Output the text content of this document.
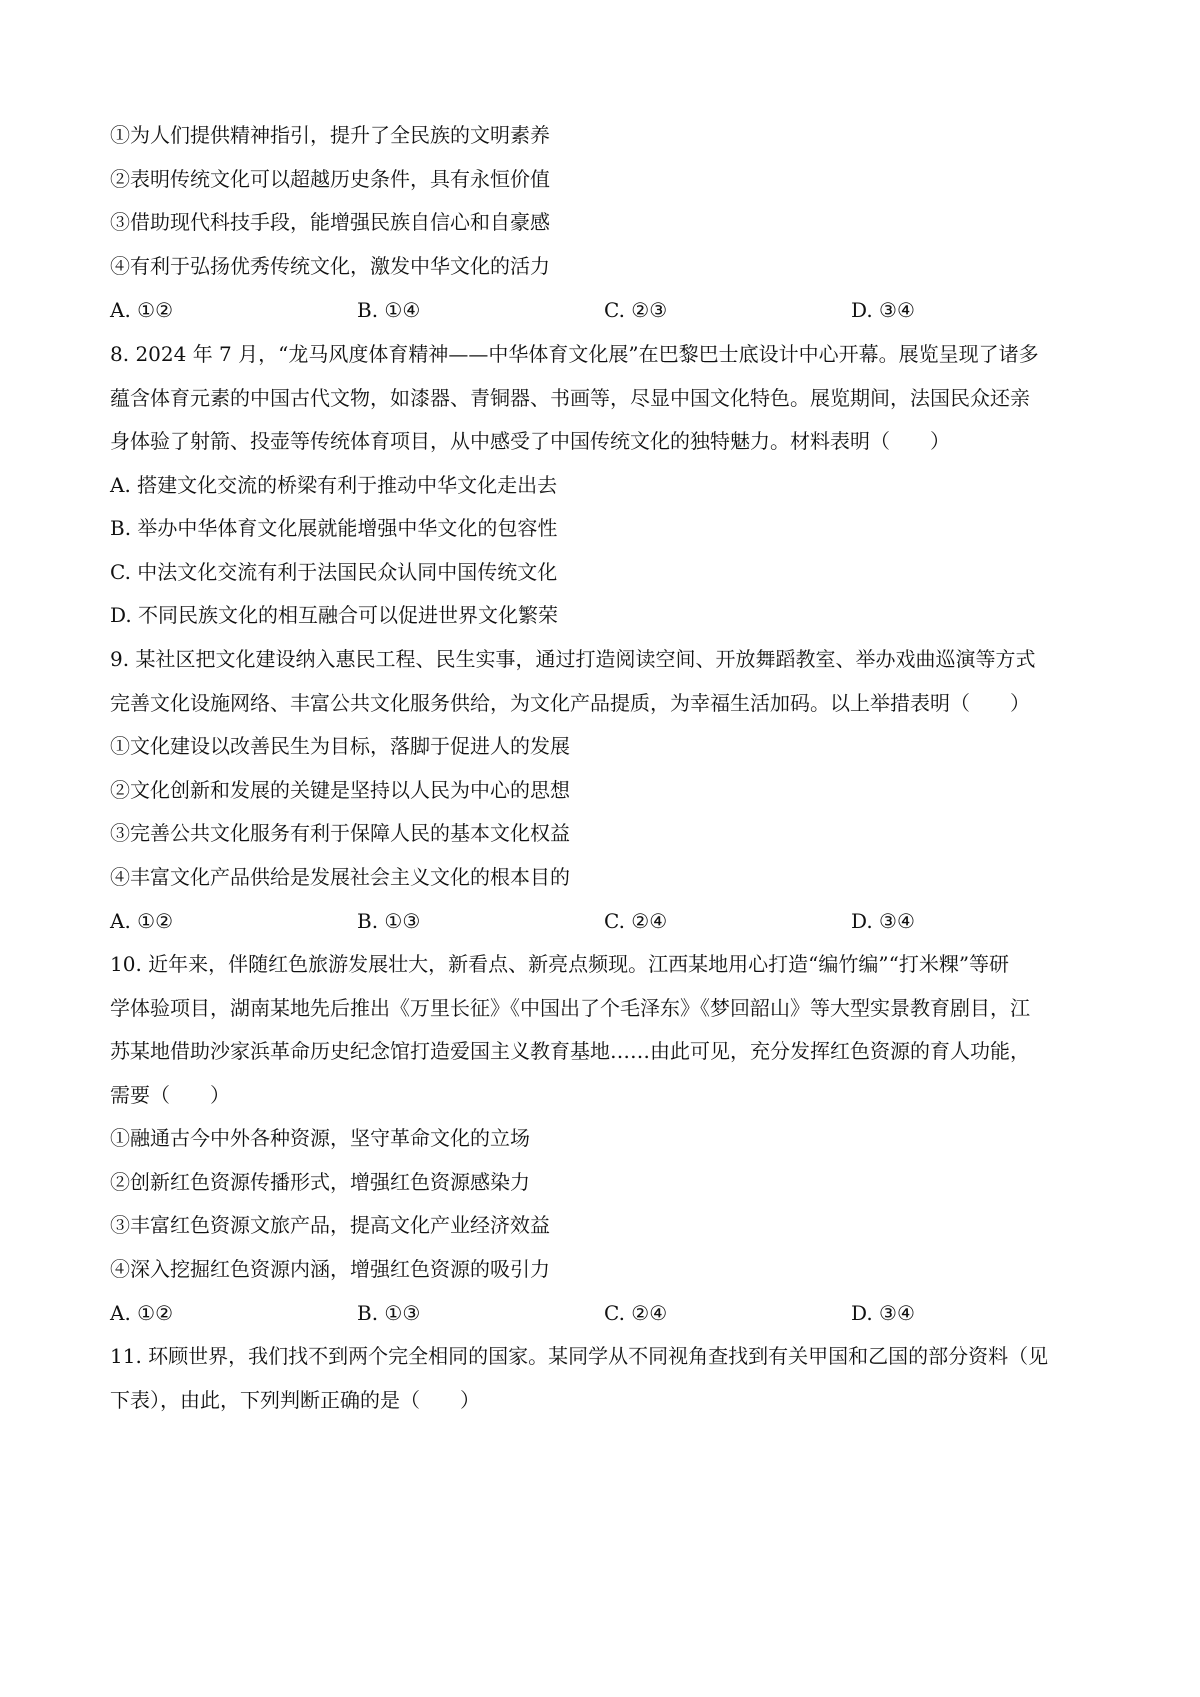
①为人们提供精神指引，提升了全民族的文明素养
②表明传统文化可以超越历史条件，具有永恒价值
③借助现代科技手段，能增强民族自信心和自豪感
④有利于弘扬优秀传统文化，激发中华文化的活力
A. ①②	B. ①④	C. ②③	D. ③④
8. 2024 年 7 月，“龙马风度体育精神——中华体育文化展”在巴黎巴士底设计中心开幕。展览呈现了诸多
蕴含体育元素的中国古代文物，如漆器、青铜器、书画等，尽显中国文化特色。展览期间，法国民众还亲
身体验了射箭、投壶等传统体育项目，从中感受了中国传统文化的独特魅力。材料表明（　　）
A. 搭建文化交流的桥梁有利于推动中华文化走出去
B. 举办中华体育文化展就能增强中华文化的包容性
C. 中法文化交流有利于法国民众认同中国传统文化
D. 不同民族文化的相互融合可以促进世界文化繁荣
9. 某社区把文化建设纳入惠民工程、民生实事，通过打造阅读空间、开放舞蹈教室、举办戏曲巡演等方式
完善文化设施网络、丰富公共文化服务供给，为文化产品提质，为幸福生活加码。以上举措表明（　　）
①文化建设以改善民生为目标，落脚于促进人的发展
②文化创新和发展的关键是坚持以人民为中心的思想
③完善公共文化服务有利于保障人民的基本文化权益
④丰富文化产品供给是发展社会主义文化的根本目的
A. ①②	B. ①③	C. ②④	D. ③④
10. 近年来，伴随红色旅游发展壮大，新看点、新亮点频现。江西某地用心打造“编竹编”“打米粿”等研
学体验项目，湖南某地先后推出《万里长征》《中国出了个毛泽东》《梦回韶山》等大型实景教育剧目，江
苏某地借助沙家浜革命历史纪念馆打造爱国主义教育基地……由此可见，充分发挥红色资源的育人功能，
需要（　　）
①融通古今中外各种资源，坚守革命文化的立场
②创新红色资源传播形式，增强红色资源感染力
③丰富红色资源文旅产品，提高文化产业经济效益
④深入挖掘红色资源内涵，增强红色资源的吸引力
A. ①②	B. ①③	C. ②④	D. ③④
11. 环顾世界，我们找不到两个完全相同的国家。某同学从不同视角查找到有关甲国和乙国的部分资料（见
下表），由此，下列判断正确的是（　　）
